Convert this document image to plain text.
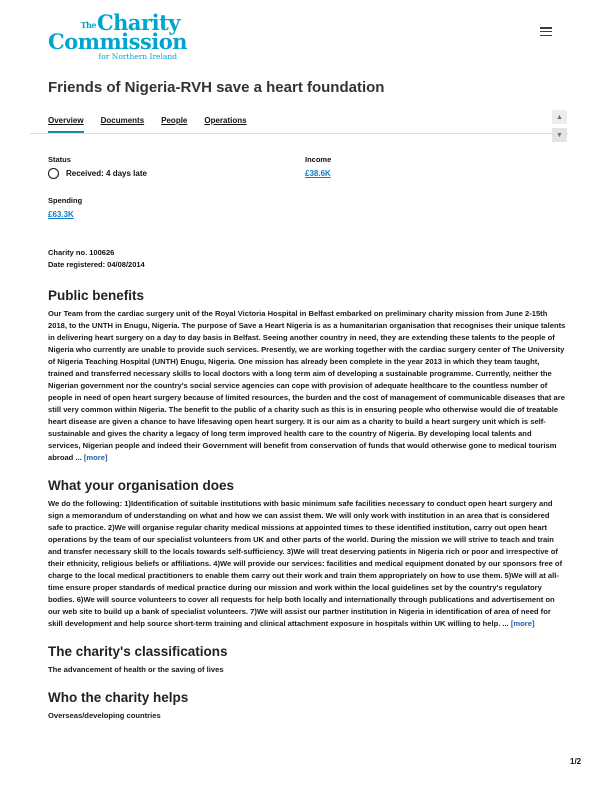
TheCharity
Commission
for Northern Ireland
Friends of Nigeria-RVH save a heart foundation
Overview Documents People Operations	▲
▼
Status
Received: 4 days late
Income
£38.6K
Spending
£63.3K
Charity no. 100626
Date registered: 04/08/2014
Public benefits

Our Team from the cardiac surgery unit of the Royal Victoria Hospital in Belfast embarked on preliminary charity mission from June 2-15th 2018, to the UNTH in Enugu, Nigeria. The purpose of Save a Heart Nigeria is as a humanitarian organisation that recognises their unique talents in delivering heart surgery on a day to day basis in Belfast. Seeing another country in need, they are extending these talents to the people of Nigeria who currently are unable to provide such services. Presently, we are working together with the cardiac surgery center of The University of Nigeria Teaching Hospital (UNTH) Enugu, Nigeria. One mission has already been complete in the year 2013 in which they team taught, trained and transferred necessary skills to local doctors with a long term aim of developing a sustainable programme. Currently, neither the Nigerian government nor the country's social service agencies can cope with provision of adequate healthcare to the countless number of people in need of open heart surgery because of limited resources, the burden and the cost of management of communicable diseases that are still very common within Nigeria. The benefit to the public of a charity such as this is in ensuring people who otherwise would die of treatable heart disease are given a chance to have lifesaving open heart surgery. It is our aim as a charity to build a heart surgery unit which is self-sustainable and gives the charity a legacy of long term improved health care to the country of Nigeria. By developing local talents and services, Nigerian people and indeed their Government will benefit from conservation of funds that would otherwise gone to medical tourism abroad ... [more]

What your organisation does

We do the following: 1)Identification of suitable institutions with basic minimum safe facilities necessary to conduct open heart surgery and sign a memorandum of understanding on what and how we can assist them. We will only work with institution in an area that is considered safe to practice. 2)We will organise regular charity medical missions at appointed times to these identified institution, carry out open heart operations by the team of our specialist volunteers from UK and other parts of the world. During the mission we will strive to teach and train and transfer necessary skill to the locals towards self-sufficiency. 3)We will treat deserving patients in Nigeria rich or poor and irrespective of their ethnicity, religious beliefs or affiliations. 4)We will provide our services: facilities and medical equipment donated by our sponsors free of charge to the local medical practitioners to enable them carry out their work and train them appropriately on how to use them. 5)We will at all-time ensure proper standards of medical practice during our mission and work within the local guidelines set by the country's regulatory bodies. 6)We will source volunteers to cover all requests for help both locally and internationally through publications and advertisement on our web site to build up a bank of specialist volunteers. 7)We will assist our partner institution in Nigeria in identification of area of need for skill development and help source short-term training and clinical attachment exposure in hospitals within UK willing to help. ... [more]

The charity's classifications

The advancement of health or the saving of lives

Who the charity helps

Overseas/developing countries

1/2
